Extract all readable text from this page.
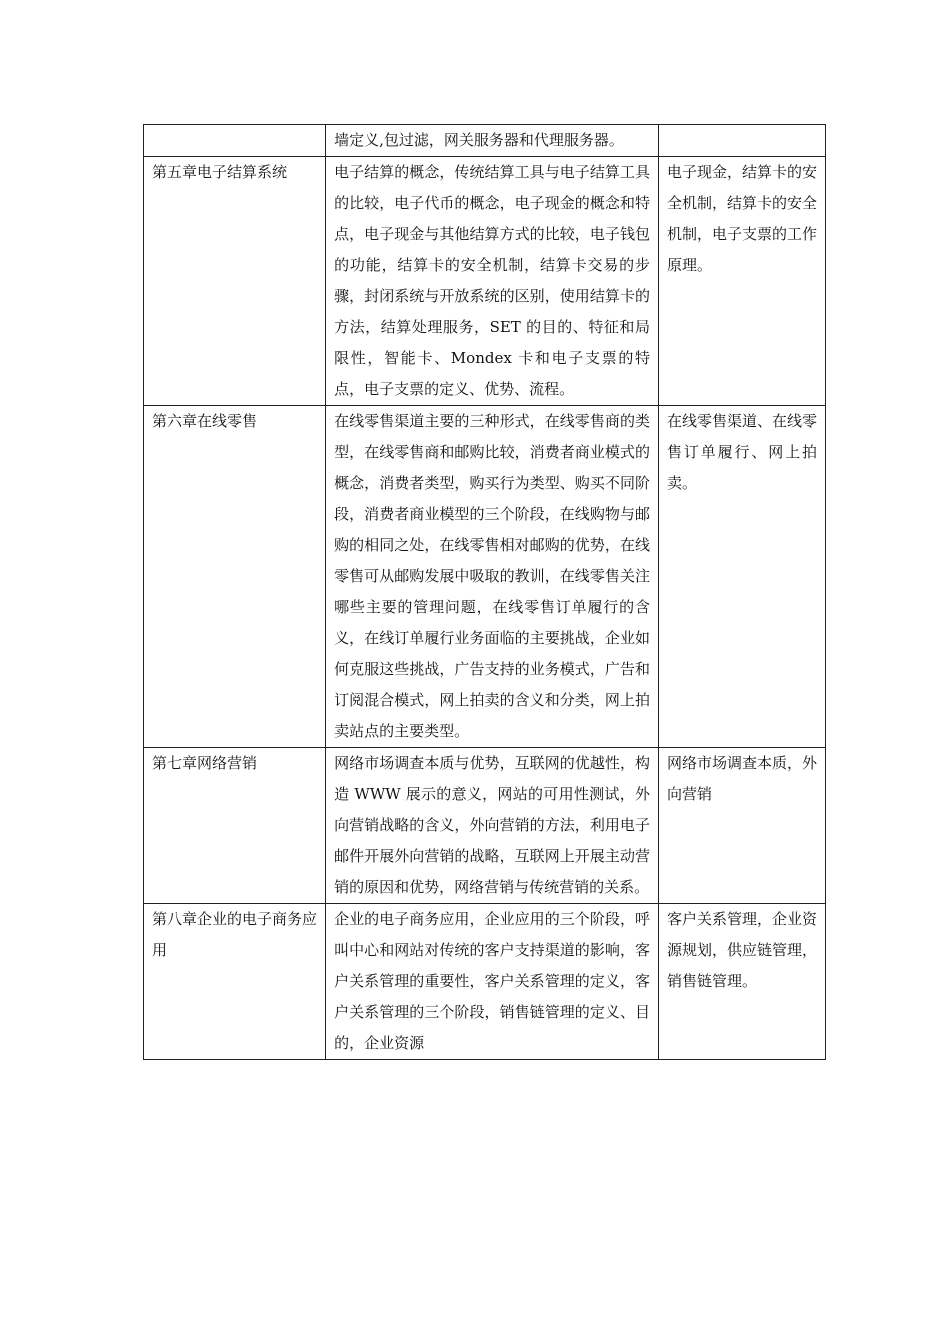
	墙定义,包过滤，网关服务器和代理服务器。	
第五章电子结算系统	电子结算的概念，传统结算工具与电子结算工具的比较，电子代币的概念，电子现金的概念和特点，电子现金与其他结算方式的比较，电子钱包的功能，结算卡的安全机制，结算卡交易的步骤，封闭系统与开放系统的区别，使用结算卡的方法，结算处理服务，SET 的目的、特征和局限性，智能卡、Mondex 卡和电子支票的特点，电子支票的定义、优势、流程。	电子现金，结算卡的安全机制，结算卡的安全机制，电子支票的工作原理。
第六章在线零售	在线零售渠道主要的三种形式，在线零售商的类型，在线零售商和邮购比较，消费者商业模式的概念，消费者类型，购买行为类型、购买不同阶段，消费者商业模型的三个阶段，在线购物与邮购的相同之处，在线零售相对邮购的优势，在线零售可从邮购发展中吸取的教训，在线零售关注哪些主要的管理问题，在线零售订单履行的含义，在线订单履行业务面临的主要挑战，企业如何克服这些挑战，广告支持的业务模式，广告和订阅混合模式，网上拍卖的含义和分类，网上拍卖站点的主要类型。	在线零售渠道、在线零售订单履行、网上拍卖。
第七章网络营销	网络市场调查本质与优势，互联网的优越性，构造 WWW 展示的意义，网站的可用性测试，外向营销战略的含义，外向营销的方法，利用电子邮件开展外向营销的战略，互联网上开展主动营销的原因和优势，网络营销与传统营销的关系。	网络市场调查本质，外向营销
第八章企业的电子商务应用	企业的电子商务应用，企业应用的三个阶段，呼叫中心和网站对传统的客户支持渠道的影响，客户关系管理的重要性，客户关系管理的定义，客户关系管理的三个阶段，销售链管理的定义、目的，企业资源	客户关系管理，企业资源规划，供应链管理，销售链管理。
